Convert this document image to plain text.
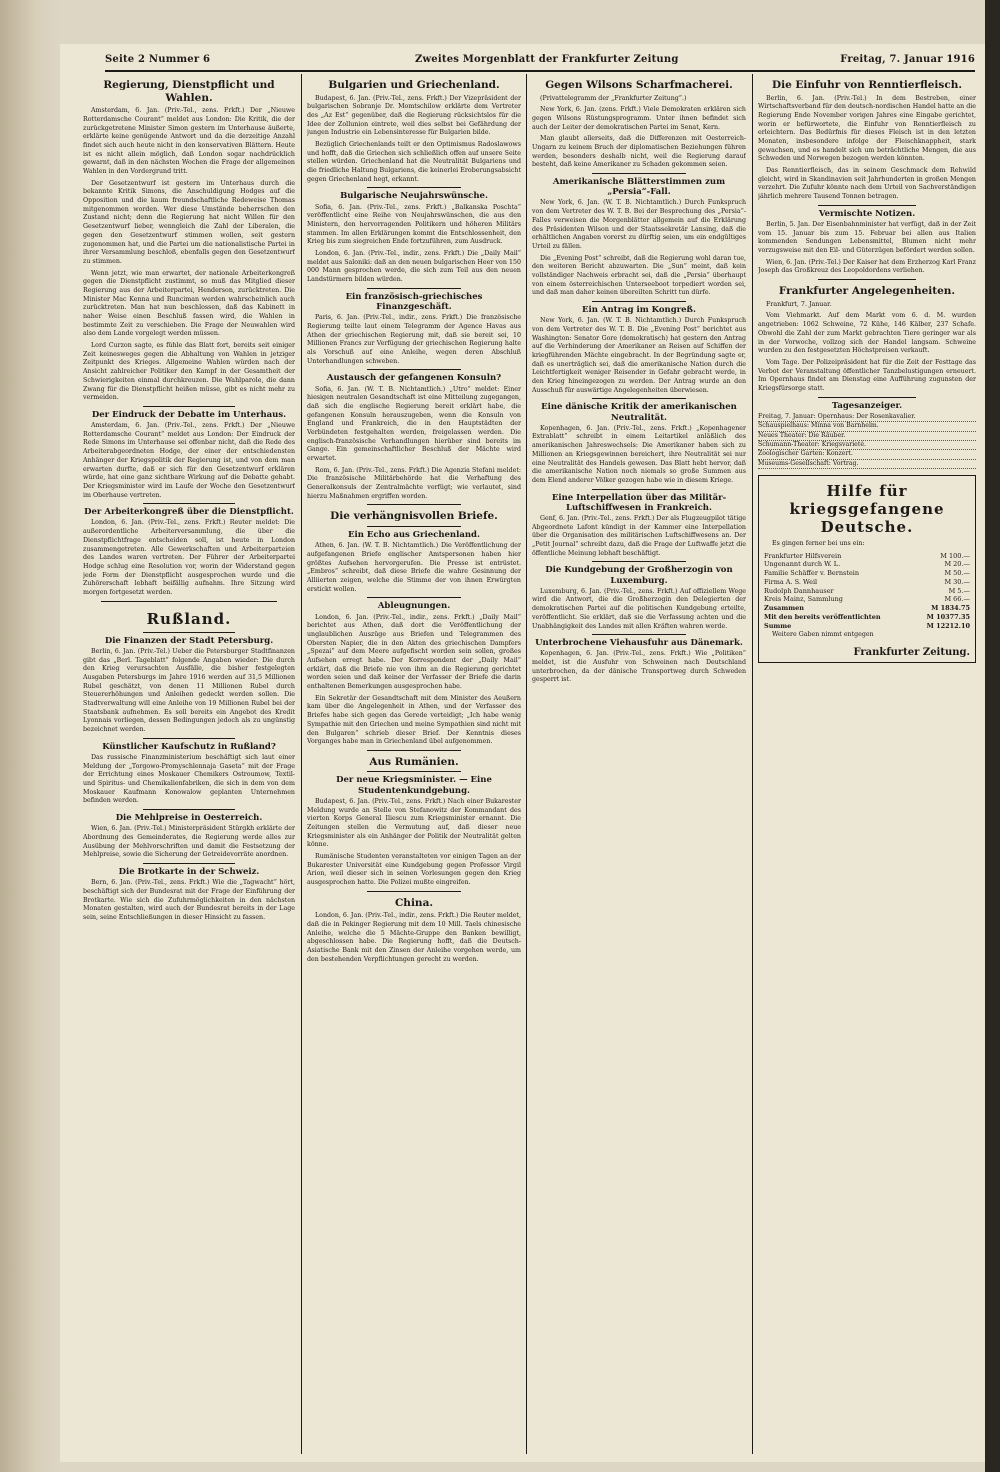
Seite 2 Nummer 6	Zweites Morgenblatt der Frankfurter Zeitung	Freitag, 7. Januar 1916
Regierung, Dienstpflicht und Wahlen.

Amsterdam, 6. Jan. (Priv.-Tel., zens. Frkft.) Der „Nieuwe Rotterdamsche Courant“ meldet aus London: Die Kritik, die der zurückgetretene Minister Simon gestern im Unterhause äußerte, erklärte keine genügende Antwort und da die derzeitige Anzahl findet sich auch heute nicht in den konservativen Blättern. Heute ist es nicht allein möglich, daß London sogar nachdrücklich gewarnt, daß in den nächsten Wochen die Frage der allgemeinen Wahlen in den Vordergrund tritt.

Der Gesetzentwurf ist gestern im Unterhaus durch die bekannte Kritik Simons, die Anschuldigung Hodges auf die Opposition und die kaum freundschaftliche Redeweise Thomas mitgenommen worden. Wer diese Umstände beherrschen den Zustand nicht; denn die Regierung hat nicht Willen für den Gesetzentwurf lieber, wenngleich die Zahl der Liberalen, die gegen den Gesetzentwurf stimmen wollen, seit gestern zugenommen hat, und die Partei um die nationalistische Partei in ihrer Versammlung beschloß, ebenfalls gegen den Gesetzentwurf zu stimmen.

Wenn jetzt, wie man erwartet, der nationale Arbeiterkongreß gegen die Dienstpflicht zustimmt, so muß das Mitglied dieser Regierung aus der Arbeiterpartei, Henderson, zurücktreten. Die Minister Mac Kenna und Runciman werden wahrscheinlich auch zurücktreten. Man hat nun beschlossen, daß das Kabinett in naher Weise einen Beschluß fassen wird, die Wahlen in bestimmte Zeit zu verschieben. Die Frage der Neuwahlen wird also dem Lande vorgelegt werden müssen.

Lord Curzon sagte, es fühle das Blatt fort, bereits seit einiger Zeit keinesweges gegen die Abhaltung von Wahlen in jetziger Zeitpunkt des Krieges. Allgemeine Wahlen würden nach der Ansicht zahlreicher Politiker den Kampf in der Gesamtheit der Schwierigkeiten einmal durchkreuzen. Die Wahlparole, die dann Zwang für die Dienstpflicht heißen müsse, gibt es nicht mehr zu vermeiden.

Der Eindruck der Debatte im Unterhaus.

Amsterdam, 6. Jan. (Priv.-Tel., zens. Frkft.) Der „Nieuwe Rotterdamsche Courant“ meldet aus London: Der Eindruck der Rede Simons im Unterhause sei offenbar nicht, daß die Rede des Arbeiterabgeordneten Hodge, der einer der entschiedensten Anhänger der Kriegspolitik der Regierung ist, und von dem man erwarten durfte, daß er sich für den Gesetzentwurf erklären würde, hat eine ganz sichtbare Wirkung auf die Debatte gehabt. Der Kriegsminister wird im Laufe der Woche den Gesetzentwurf im Oberhause vertreten.

Der Arbeiterkongreß über die Dienstpflicht.

London, 6. Jan. (Priv.-Tel., zens. Frkft.) Reuter meldet: Die außerordentliche Arbeiterversammlung, die über die Dienstpflichtfrage entscheiden soll, ist heute in London zusammengetreten. Alle Gewerkschaften und Arbeiterparteien des Landes waren vertreten. Der Führer der Arbeiterpartei Hodge schlug eine Resolution vor, worin der Widerstand gegen jede Form der Dienstpflicht ausgesprochen wurde und die Zuhörerschaft lebhaft beifällig aufnahm. Ihre Sitzung wird morgen fortgesetzt werden.

Rußland.
Die Finanzen der Stadt Petersburg.

Berlin, 6. Jan. (Priv.-Tel.) Ueber die Petersburger Stadtfinanzen gibt das „Berl. Tageblatt“ folgende Angaben wieder: Die durch den Krieg verursachten Ausfälle, die bisher festgelegten Ausgaben Petersburgs im Jahre 1916 werden auf 31,5 Millionen Rubel geschätzt, von denen 11 Millionen Rubel durch Steuererhöhungen und Anleihen gedeckt werden sollen. Die Stadtverwaltung will eine Anleihe von 19 Millionen Rubel bei der Staatsbank aufnehmen. Es soll bereits ein Angebot des Kredit Lyonnais vorliegen, dessen Bedingungen jedoch als zu ungünstig bezeichnet werden.

Künstlicher Kaufschutz in Rußland?

Das russische Finanzministerium beschäftigt sich laut einer Meldung der „Torgowo-Promyschlennaja Gaseta“ mit der Frage der Errichtung eines Moskauer Chemikers Ostroumow, Textil- und Spiritus- und Chemikalienfabriken, die sich in dem von dem Moskauer Kaufmann Konowalow geplanten Unternehmen befinden werden.

Die Mehlpreise in Oesterreich.

Wien, 6. Jan. (Priv.-Tel.) Ministerpräsident Stürgkh erklärte der Abordnung des Gemeinderates, die Regierung werde alles zur Ausübung der Mehlvorschriften und damit die Festsetzung der Mehlpreise, sowie die Sicherung der Getreidevorräte anordnen.

Die Brotkarte in der Schweiz.

Bern, 6. Jan. (Priv.-Tel., zens. Frkft.) Wie die „Tagwacht“ hört, beschäftigt sich der Bundesrat mit der Frage der Einführung der Brotkarte. Wie sich die Zufuhrmöglichkeiten in den nächsten Monaten gestalten, wird auch der Bundesrat bereits in der Lage sein, seine Entschließungen in dieser Hinsicht zu fassen.

Bulgarien und Griechenland.

Budapest, 6. Jan. (Priv.-Tel., zens. Frkft.) Der Vizepräsident der bulgarischen Sobranje Dr. Momtschilow erklärte dem Vertreter des „Az Est“ gegenüber, daß die Regierung rücksichtslos für die Idee der Zollunion eintrete, weil dies selbst bei Gefährdung der jungen Industrie ein Lebensinteresse für Bulgarien bilde.

Bezüglich Griechenlands teilt er den Optimismus Radoslawows und hofft, daß die Griechen sich schließlich offen auf unsere Seite stellen würden. Griechenland hat die Neutralität Bulgariens und die friedliche Haltung Bulgariens, die keinerlei Eroberungsabsicht gegen Griechenland hegt, erkannt.

Bulgarische Neujahrswünsche.

Sofia, 6. Jan. (Priv.-Tel., zens. Frkft.) „Balkanska Poschta“ veröffentlicht eine Reihe von Neujahrswünschen, die aus den Ministern, den hervorragenden Politikern und höheren Militärs stammen. Im allen Erklärungen kommt die Entschlossenheit, den Krieg bis zum siegreichen Ende fortzuführen, zum Ausdruck.

London, 6. Jan. (Priv.-Tel., indir., zens. Frkft.) Die „Daily Mail“ meldet aus Saloniki: daß an den neuen bulgarischen Heer von 150 000 Mann gesprochen werde, die sich zum Teil aus den neuen Landstürmern bilden würden.

Ein französisch-griechisches Finanzgeschäft.

Paris, 6. Jan. (Priv.-Tel., indir., zens. Frkft.) Die französische Regierung teilte laut einem Telegramm der Agence Havas aus Athen der griechischen Regierung mit, daß sie bereit sei, 10 Millionen Francs zur Verfügung der griechischen Regierung halte als Vorschuß auf eine Anleihe, wegen deren Abschluß Unterhandlungen schweben.

Austausch der gefangenen Konsuln?

Sofia, 6. Jan. (W. T. B. Nichtamtlich.) „Utro“ meldet: Einer hiesigen neutralen Gesandtschaft ist eine Mitteilung zugegangen, daß sich die englische Regierung bereit erklärt habe, die gefangenen Konsuln herauszugeben, wenn die Konsuln von England und Frankreich, die in den Hauptstädten der Verbündeten festgehalten werden, freigelassen werden. Die englisch-französische Verhandlungen hierüber sind bereits im Gange. Ein gemeinschaftlicher Beschluß der Mächte wird erwartet.

Rom, 6. Jan. (Priv.-Tel., zens. Frkft.) Die Agenzia Stefani meldet: Die französische Militärbehörde hat die Verhaftung des Generalkonsuls der Zentralmächte verfügt; wie verlautet, sind hierzu Maßnahmen ergriffen worden.

Die verhängnisvollen Briefe.
Ein Echo aus Griechenland.

Athen, 6. Jan. (W. T. B. Nichtamtlich.) Die Veröffentlichung der aufgefangenen Briefe englischer Amtspersonen haben hier größtes Aufsehen hervorgerufen. Die Presse ist entrüstet. „Embros“ schreibt, daß diese Briefe die wahre Gesinnung der Alliierten zeigen, welche die Stimme der von ihnen Erwürgten erstickt wollen.

Ableugnungen.

London, 6. Jan. (Priv.-Tel., indir., zens. Frkft.) „Daily Mail“ berichtet aus Athen, daß dort die Veröffentlichung der unglaublichen Auszüge aus Briefen und Telegrammen des Obersten Napier, die in den Akten des griechischen Dampfers „Spezai“ auf dem Meere aufgefischt worden sein sollen, großes Aufsehen erregt habe. Der Korrespondent der „Daily Mail“ erklärt, daß die Briefe nie von ihm an die Regierung gerichtet worden seien und daß keiner der Verfasser der Briefe die darin enthaltenen Bemerkungen ausgesprochen habe.

Ein Sekretär der Gesandtschaft mit dem Minister des Aeußern kam über die Angelegenheit in Athen, und der Verfasser des Briefes habe sich gegen das Gerede verteidigt; „Ich habe wenig Sympathie mit den Griechen und meine Sympathien sind nicht mit den Bulgaren“ schrieb dieser Brief. Der Kenntnis dieses Vorganges habe man in Griechenland übel aufgenommen.

Aus Rumänien.
Der neue Kriegsminister. — Eine Studentenkundgebung.

Budapest, 6. Jan. (Priv.-Tel., zens. Frkft.) Nach einer Bukarester Meldung wurde an Stelle von Stefanowitz der Kommandant des vierten Korps General Iliescu zum Kriegsminister ernannt. Die Zeitungen stellen die Vermutung auf, daß dieser neue Kriegsminister als ein Anhänger der Politik der Neutralität gelten könne.

Rumänische Studenten veranstalteten vor einigen Tagen an der Bukarester Universität eine Kundgebung gegen Professor Virgil Arion, weil dieser sich in seinen Vorlesungen gegen den Krieg ausgesprochen hatte. Die Polizei mußte eingreifen.

China.

London, 6. Jan. (Priv.-Tel., indir., zens. Frkft.) Die Reuter meldet, daß die in Pekinger Regierung mit dem 10 Mill. Taels chinesische Anleihe, welche die 5 Mächte-Gruppe den Banken bewilligt, abgeschlossen habe. Die Regierung hofft, daß die Deutsch-Asiatische Bank mit den Zinsen der Anleihe vorgehen werde, um den bestehenden Verpflichtungen gerecht zu werden.

Gegen Wilsons Scharfmacherei.

(Privattelegramm der „Frankfurter Zeitung“.)

New York, 6. Jan. (zens. Frkft.) Viele Demokraten erklären sich gegen Wilsons Rüstungsprogramm. Unter ihnen befindet sich auch der Leiter der demokratischen Partei im Senat, Kern.

Man glaubt allerseits, daß die Differenzen mit Oesterreich-Ungarn zu keinem Bruch der diplomatischen Beziehungen führen werden, besonders deshalb nicht, weil die Regierung darauf besteht, daß keine Amerikaner zu Schaden gekommen seien.

Amerikanische Blätterstimmen zum „Persia“-Fall.

New York, 6. Jan. (W. T. B. Nichtamtlich.) Durch Funkspruch von dem Vertreter des W. T. B. Bei der Besprechung des „Persia“-Falles verweisen die Morgenblätter allgemein auf die Erklärung des Präsidenten Wilson und der Staatssekretär Lansing, daß die erhältlichen Angaben vorerst zu dürftig seien, um ein endgültiges Urteil zu fällen.

Die „Evening Post“ schreibt, daß die Regierung wohl daran tue, den weiteren Bericht abzuwarten. Die „Sun“ meint, daß kein vollständiger Nachweis erbracht sei, daß die „Persia“ überhaupt von einem österreichischen Unterseeboot torpediert worden sei, und daß man daher keinen übereilten Schritt tun dürfe.

Ein Antrag im Kongreß.

New York, 6. Jan. (W. T. B. Nichtamtlich.) Durch Funkspruch von dem Vertreter des W. T. B. Die „Evening Post“ berichtet aus Washington: Senator Gore (demokratisch) hat gestern den Antrag auf die Verhinderung der Amerikaner an Reisen auf Schiffen der kriegführenden Mächte eingebracht. In der Begründung sagte er, daß es unerträglich sei, daß die amerikanische Nation durch die Leichtfertigkeit weniger Reisender in Gefahr gebracht werde, in den Krieg hineingezogen zu werden. Der Antrag wurde an den Ausschuß für auswärtige Angelegenheiten überwiesen.

Eine dänische Kritik der amerikanischen Neutralität.

Kopenhagen, 6. Jan. (Priv.-Tel., zens. Frkft.) „Kopenhagener Extrablatt“ schreibt in einem Leitartikel anläßlich des amerikanischen Jahreswechsels: Die Amerikaner haben sich zu Millionen an Kriegsgewinnen bereichert, ihre Neutralität sei nur eine Neutralität des Handels gewesen. Das Blatt hebt hervor, daß die amerikanische Nation noch niemals so große Summen aus dem Elend anderer Völker gezogen habe wie in diesem Kriege.

Eine Interpellation über das Militär-Luftschiffwesen in Frankreich.

Genf, 6. Jan. (Priv.-Tel., zens. Frkft.) Der als Flugzeugpilot tätige Abgeordnete Lafont kündigt in der Kammer eine Interpellation über die Organisation des militärischen Luftschiffwesens an. Der „Petit Journal“ schreibt dazu, daß die Frage der Luftwaffe jetzt die öffentliche Meinung lebhaft beschäftigt.

Die Kundgebung der Großherzogin von Luxemburg.

Luxemburg, 6. Jan. (Priv.-Tel., zens. Frkft.) Auf offiziellem Wege wird die Antwort, die die Großherzogin den Delegierten der demokratischen Partei auf die politischen Kundgebung erteilte, veröffentlicht. Sie erklärt, daß sie die Verfassung achten und die Unabhängigkeit des Landes mit allen Kräften wahren werde.

Unterbrochene Viehausfuhr aus Dänemark.

Kopenhagen, 6. Jan. (Priv.-Tel., zens. Frkft.) Wie „Politiken“ meldet, ist die Ausfuhr von Schweinen nach Deutschland unterbrochen, da der dänische Transportweg durch Schweden gesperrt ist.

Die Einfuhr von Renntierfleisch.

Berlin, 6. Jan. (Priv.-Tel.) In dem Bestreben, einer Wirtschaftsverband für den deutsch-nordischen Handel hatte an die Regierung Ende November vorigen Jahres eine Eingabe gerichtet, worin er befürwortete, die Einfuhr von Renntierfleisch zu erleichtern. Das Bedürfnis für dieses Fleisch ist in den letzten Monaten, insbesondere infolge der Fleischknappheit, stark gewachsen, und es handelt sich um beträchtliche Mengen, die aus Schweden und Norwegen bezogen werden könnten.

Das Renntierfleisch, das in seinem Geschmack dem Rehwild gleicht, wird in Skandinavien seit Jahrhunderten in großen Mengen verzehrt. Die Zufuhr könnte nach dem Urteil von Sachverständigen jährlich mehrere Tausend Tonnen betragen.

Vermischte Notizen.

Berlin, 5. Jan. Der Eisenbahnminister hat verfügt, daß in der Zeit vom 15. Januar bis zum 15. Februar bei allen aus Italien kommenden Sendungen Lebensmittel, Blumen nicht mehr vorzugsweise mit den Eil- und Güterzügen befördert werden sollen.

Wien, 6. Jan. (Priv.-Tel.) Der Kaiser hat dem Erzherzog Karl Franz Joseph das Großkreuz des Leopoldordens verliehen.

Frankfurter Angelegenheiten.

Frankfurt, 7. Januar.

Vom Viehmarkt. Auf dem Markt vom 6. d. M. wurden angetrieben: 1062 Schweine, 72 Kühe, 146 Kälber, 237 Schafe. Obwohl die Zahl der zum Markt gebrachten Tiere geringer war als in der Vorwoche, vollzog sich der Handel langsam. Schweine wurden zu den festgesetzten Höchstpreisen verkauft.

Vom Tage. Der Polizeipräsident hat für die Zeit der Festtage das Verbot der Veranstaltung öffentlicher Tanzbelustigungen erneuert. Im Opernhaus findet am Dienstag eine Aufführung zugunsten der Kriegsfürsorge statt.

Tagesanzeiger.
Freitag, 7. Januar: Opernhaus: Der Rosenkavalier.
Schauspielhaus: Minna von Barnhelm.
Neues Theater: Die Räuber.
Schumann-Theater: Kriegsvarieté.
Zoologischer Garten: Konzert.
Museums-Gesellschaft: Vortrag.
Hilfe für kriegsgefangene Deutsche.

Es gingen ferner bei uns ein:

Frankfurter Hilfsverein	M 100.—
Ungenannt durch W. L.	M 20.—
Familie Schäffer v. Bernstein	M 50.—
Firma A. S. Weil	M 30.—
Rudolph Dannhauser	M 5.—
Kreis Mainz, Sammlung	M 66.—
Zusammen	M 1834.75
Mit den bereits veröffentlichten	M 10377.35
Summe	M 12212.10

Weitere Gaben nimmt entgegen

Frankfurter Zeitung.
